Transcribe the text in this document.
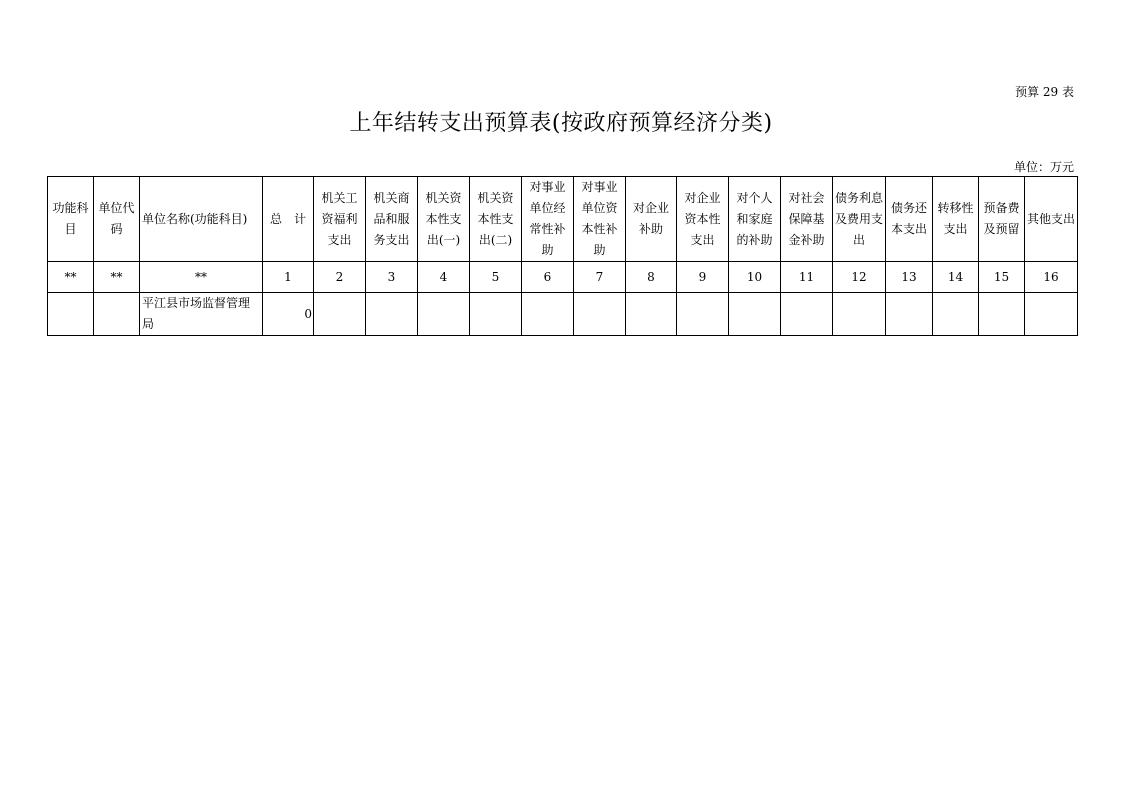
预算 29 表
上年结转支出预算表(按政府预算经济分类)
单位：万元
功能科目	单位代码	单位名称(功能科目)	总　计	机关工资福利支出	机关商品和服务支出	机关资本性支出(一)	机关资本性支出(二)	对事业单位经常性补助	对事业单位资本性补助	对企业补助	对企业资本性支出	对个人和家庭的补助	对社会保障基金补助	债务利息及费用支出	债务还本支出	转移性支出	预备费及预留	其他支出	
**	**	**	1	2	3	4	5	6	7	8	9	10	11	12	13	14	15	16	
		平江县市场监督管理局	0																
